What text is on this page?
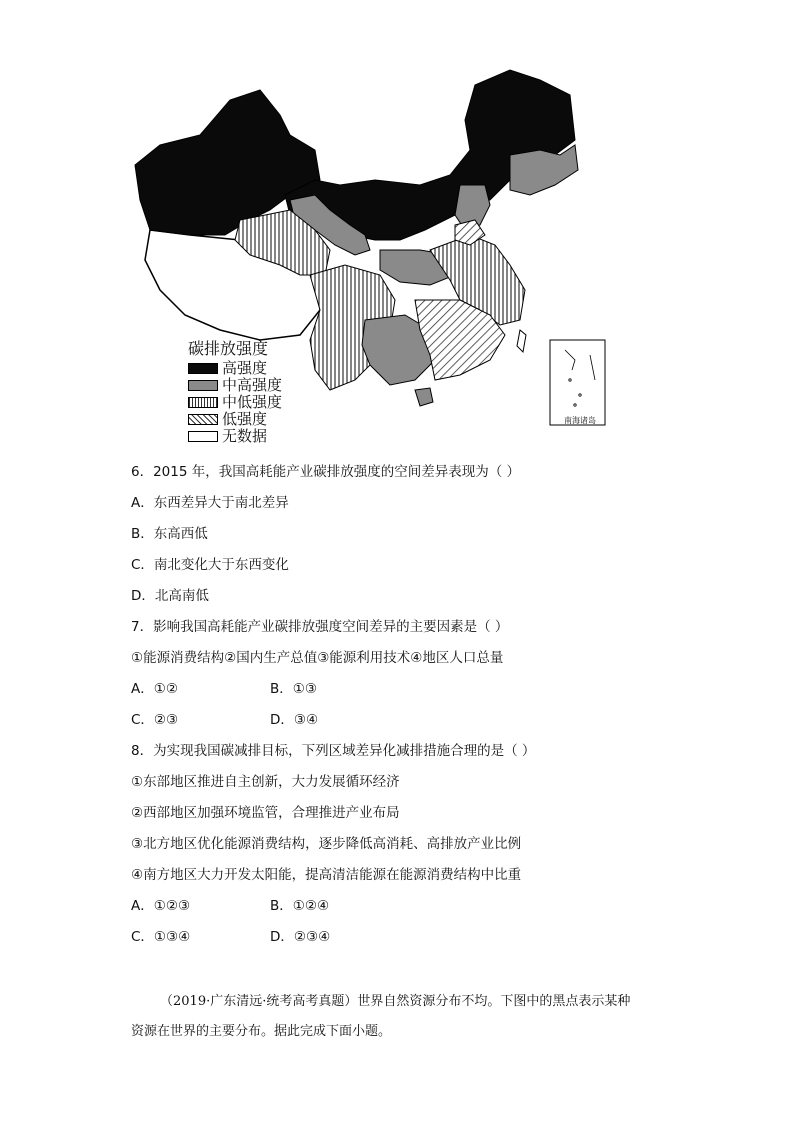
南海诸岛
碳排放强度
高强度
中高强度
中低强度
低强度
无数据
6．2015 年，我国高耗能产业碳排放强度的空间差异表现为（ ）
A．东西差异大于南北差异
B．东高西低
C．南北变化大于东西变化
D．北高南低
7．影响我国高耗能产业碳排放强度空间差异的主要因素是（ ）
①能源消费结构②国内生产总值③能源利用技术④地区人口总量
A．①②	B．①③
C．②③	D．③④
8．为实现我国碳减排目标，下列区域差异化减排措施合理的是（ ）
①东部地区推进自主创新，大力发展循环经济
②西部地区加强环境监管，合理推进产业布局
③北方地区优化能源消费结构，逐步降低高消耗、高排放产业比例
④南方地区大力开发太阳能，提高清洁能源在能源消费结构中比重
A．①②③	B．①②④
C．①③④	D．②③④
（2019·广东清远·统考高考真题）世界自然资源分布不均。下图中的黑点表示某种
资源在世界的主要分布。据此完成下面小题。
